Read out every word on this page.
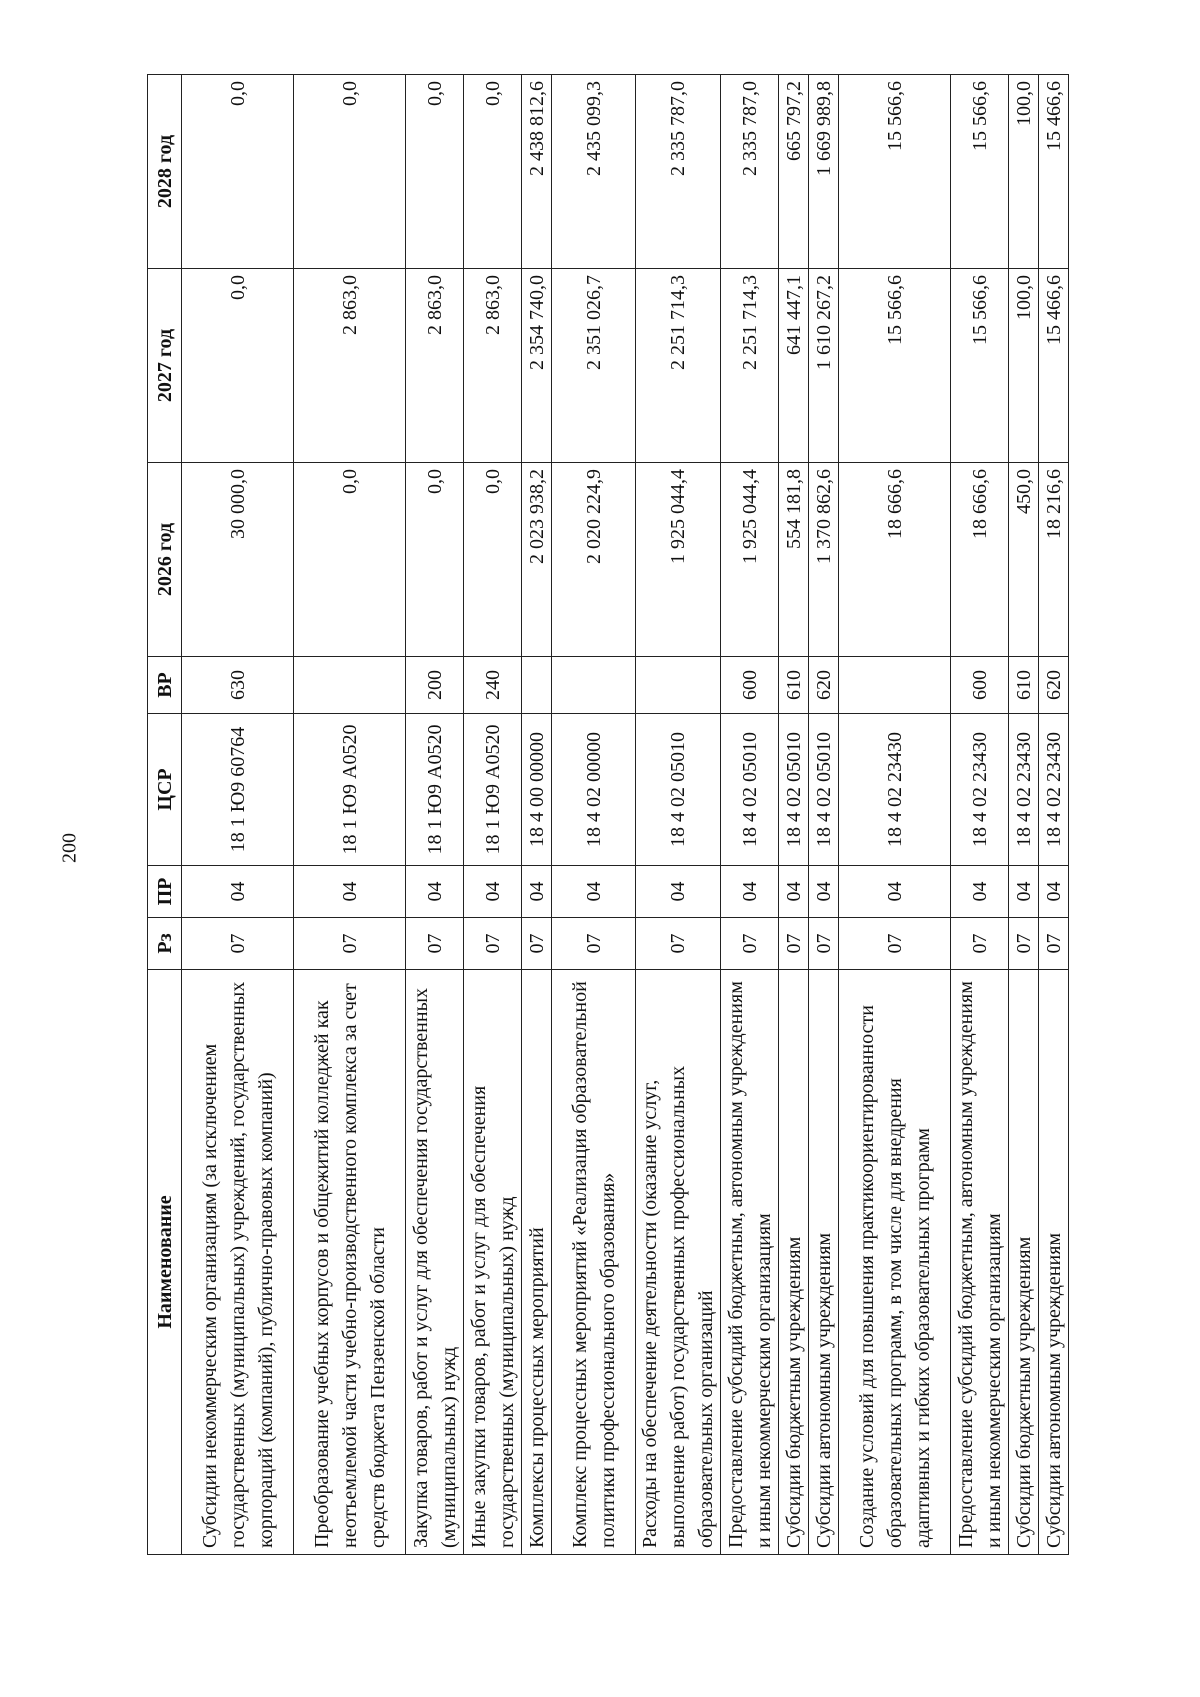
200
Наименование	Рз	ПР	ЦСР	ВР	2026 год	2027 год	2028 год
Субсидии некоммерческим организациям (за исключением государственных (муниципальных) учреждений, государственных корпораций (компаний), публично-правовых компаний)	07	04	18 1 Ю9 60764	630	30 000,0	0,0	0,0
Преобразование учебных корпусов и общежитий колледжей как неотъемлемой части учебно-производственного комплекса за счет средств бюджета Пензенской области	07	04	18 1 Ю9 А0520		0,0	2 863,0	0,0
Закупка товаров, работ и услуг для обеспечения государственных (муниципальных) нужд	07	04	18 1 Ю9 А0520	200	0,0	2 863,0	0,0
Иные закупки товаров, работ и услуг для обеспечения государственных (муниципальных) нужд	07	04	18 1 Ю9 А0520	240	0,0	2 863,0	0,0
Комплексы процессных мероприятий	07	04	18 4 00 00000		2 023 938,2	2 354 740,0	2 438 812,6
Комплекс процессных мероприятий «Реализация образовательной политики профессионального образования»	07	04	18 4 02 00000		2 020 224,9	2 351 026,7	2 435 099,3
Расходы на обеспечение деятельности (оказание услуг, выполнение работ) государственных профессиональных образовательных организаций	07	04	18 4 02 05010		1 925 044,4	2 251 714,3	2 335 787,0
Предоставление субсидий бюджетным, автономным учреждениям и иным некоммерческим организациям	07	04	18 4 02 05010	600	1 925 044,4	2 251 714,3	2 335 787,0
Субсидии бюджетным учреждениям	07	04	18 4 02 05010	610	554 181,8	641 447,1	665 797,2
Субсидии автономным учреждениям	07	04	18 4 02 05010	620	1 370 862,6	1 610 267,2	1 669 989,8
Создание условий для повышения практикоориентированности образовательных программ, в том числе для внедрения адаптивных и гибких образовательных программ	07	04	18 4 02 23430		18 666,6	15 566,6	15 566,6
Предоставление субсидий бюджетным, автономным учреждениям и иным некоммерческим организациям	07	04	18 4 02 23430	600	18 666,6	15 566,6	15 566,6
Субсидии бюджетным учреждениям	07	04	18 4 02 23430	610	450,0	100,0	100,0
Субсидии автономным учреждениям	07	04	18 4 02 23430	620	18 216,6	15 466,6	15 466,6
